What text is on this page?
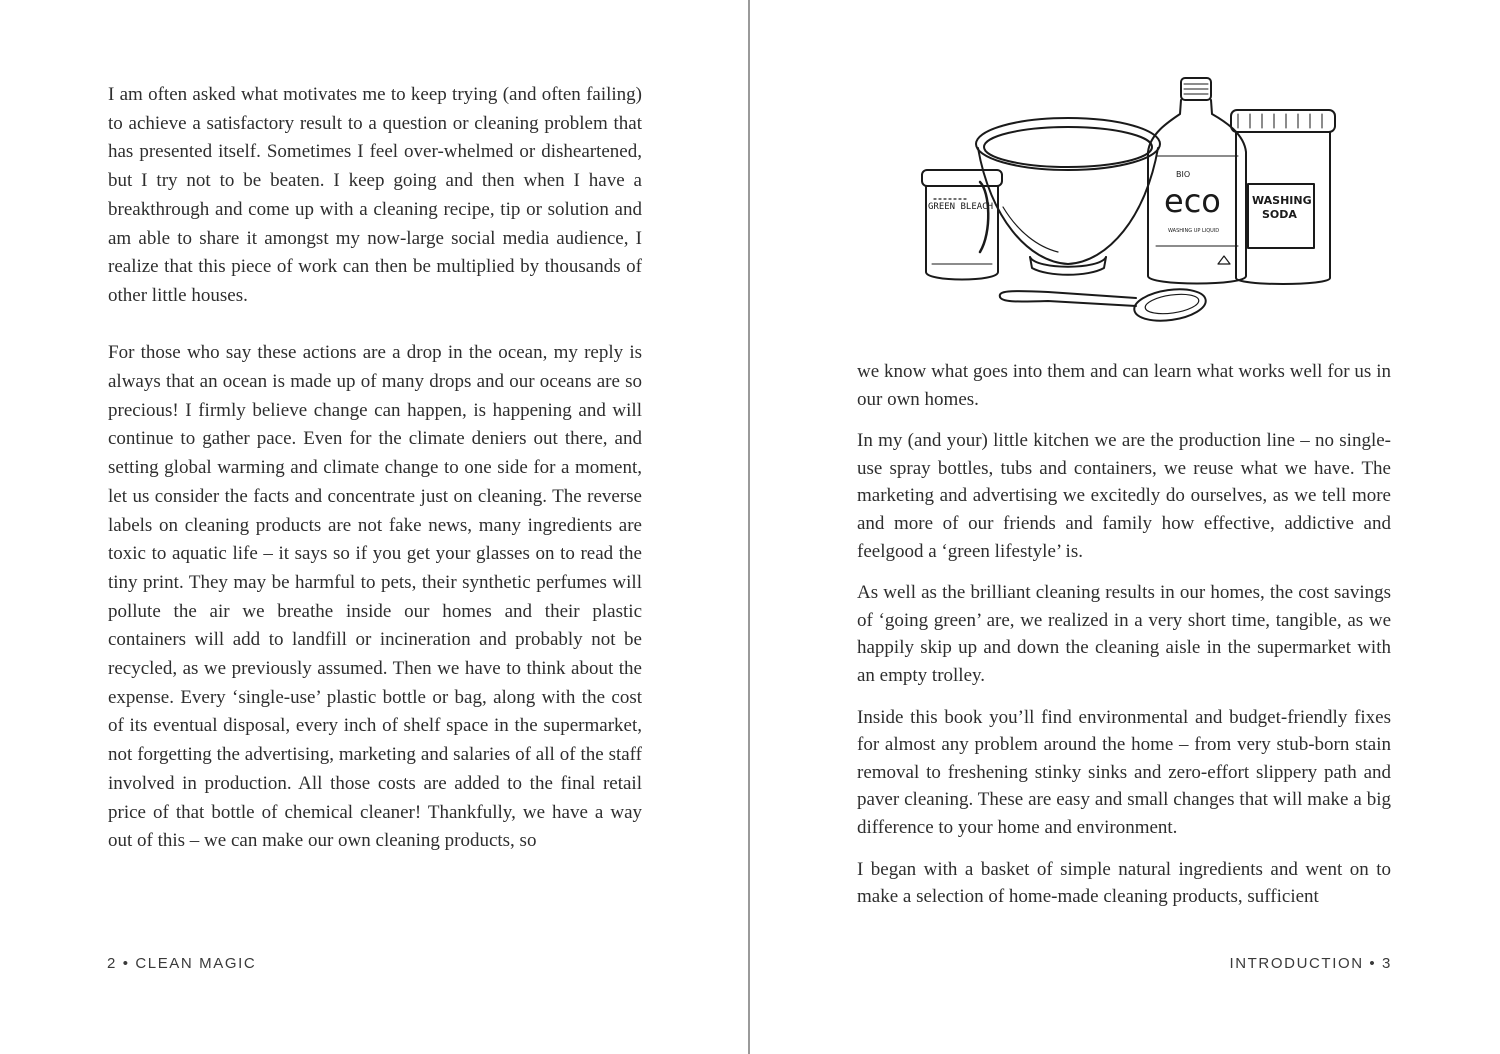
I am often asked what motivates me to keep trying (and often failing) to achieve a satisfactory result to a question or cleaning problem that has presented itself. Sometimes I feel over-whelmed or disheartened, but I try not to be beaten. I keep going and then when I have a breakthrough and come up with a cleaning recipe, tip or solution and am able to share it amongst my now-large social media audience, I realize that this piece of work can then be multiplied by thousands of other little houses.

For those who say these actions are a drop in the ocean, my reply is always that an ocean is made up of many drops and our oceans are so precious! I firmly believe change can happen, is happening and will continue to gather pace. Even for the climate deniers out there, and setting global warming and climate change to one side for a moment, let us consider the facts and concentrate just on cleaning. The reverse labels on cleaning products are not fake news, many ingredients are toxic to aquatic life – it says so if you get your glasses on to read the tiny print. They may be harmful to pets, their synthetic perfumes will pollute the air we breathe inside our homes and their plastic containers will add to landfill or incineration and probably not be recycled, as we previously assumed. Then we have to think about the expense. Every ‘single-use’ plastic bottle or bag, along with the cost of its eventual disposal, every inch of shelf space in the supermarket, not forgetting the advertising, marketing and salaries of all of the staff involved in production. All those costs are added to the final retail price of that bottle of chemical cleaner! Thankfully, we have a way out of this – we can make our own cleaning products, so

2 • CLEAN MAGIC
GREEN BLEACH
BIO
eco
WASHING UP LIQUID
WASHING
SODA

we know what goes into them and can learn what works well for us in our own homes.

In my (and your) little kitchen we are the production line – no single-use spray bottles, tubs and containers, we reuse what we have. The marketing and advertising we excitedly do ourselves, as we tell more and more of our friends and family how effective, addictive and feelgood a ‘green lifestyle’ is.

As well as the brilliant cleaning results in our homes, the cost savings of ‘going green’ are, we realized in a very short time, tangible, as we happily skip up and down the cleaning aisle in the supermarket with an empty trolley.

Inside this book you’ll find environmental and budget-friendly fixes for almost any problem around the home – from very stub-born stain removal to freshening stinky sinks and zero-effort slippery path and paver cleaning. These are easy and small changes that will make a big difference to your home and environment.

I began with a basket of simple natural ingredients and went on to make a selection of home-made cleaning products, sufficient

INTRODUCTION • 3
